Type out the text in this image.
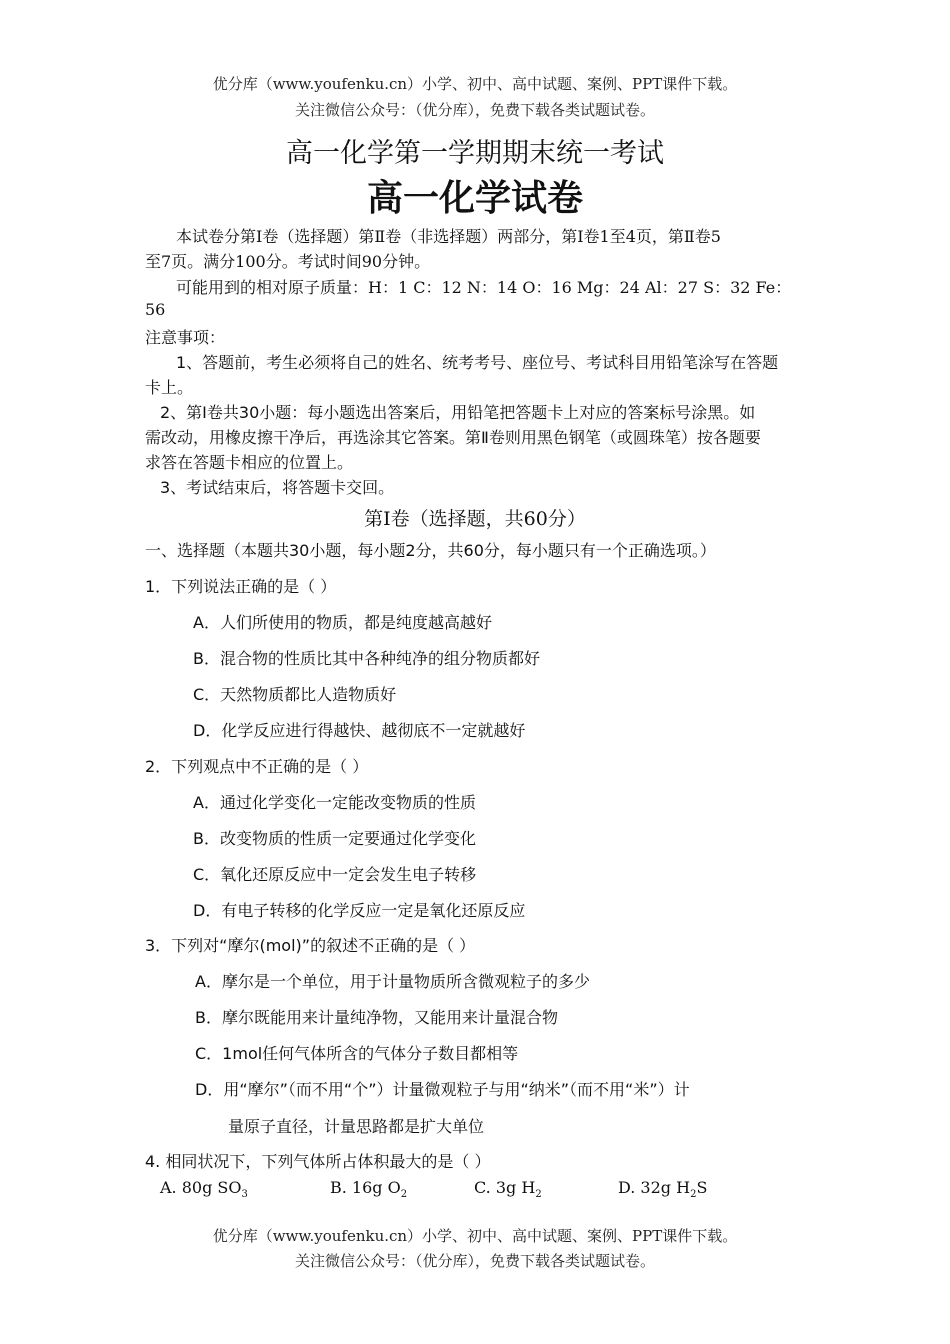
优分库（www.youfenku.cn）小学、初中、高中试题、案例、PPT课件下载。
关注微信公众号：（优分库），免费下载各类试题试卷。
高一化学第一学期期末统一考试
高一化学试卷
本试卷分第Ⅰ卷（选择题）第Ⅱ卷（非选择题）两部分，第Ⅰ卷1至4页，第Ⅱ卷5
至7页。满分100分。考试时间90分钟。
可能用到的相对原子质量：H：1 C：12 N：14 O：16 Mg：24 Al：27 S：32 Fe：
56
注意事项：
1、答题前，考生必须将自己的姓名、统考考号、座位号、考试科目用铅笔涂写在答题
卡上。
2、第Ⅰ卷共30小题：每小题选出答案后，用铅笔把答题卡上对应的答案标号涂黑。如
需改动，用橡皮擦干净后，再选涂其它答案。第Ⅱ卷则用黑色钢笔（或圆珠笔）按各题要
求答在答题卡相应的位置上。
3、考试结束后，将答题卡交回。
第Ⅰ卷（选择题，共60分）
一、选择题（本题共30小题，每小题2分，共60分，每小题只有一个正确选项。）
1．下列说法正确的是（ ）
A．人们所使用的物质，都是纯度越高越好
B．混合物的性质比其中各种纯净的组分物质都好
C．天然物质都比人造物质好
D．化学反应进行得越快、越彻底不一定就越好
2．下列观点中不正确的是（ ）
A．通过化学变化一定能改变物质的性质
B．改变物质的性质一定要通过化学变化
C．氧化还原反应中一定会发生电子转移
D．有电子转移的化学反应一定是氧化还原反应
3．下列对“摩尔(mol)”的叙述不正确的是（ ）
A．摩尔是一个单位，用于计量物质所含微观粒子的多少
B．摩尔既能用来计量纯净物，又能用来计量混合物
C．1mol任何气体所含的气体分子数目都相等
D．用“摩尔”（而不用“个”）计量微观粒子与用“纳米”（而不用“米”）计
量原子直径，计量思路都是扩大单位
4. 相同状况下，下列气体所占体积最大的是（ ）
A. 80g $SO_3$	B. 16g $O_2$	C. 3g $H_2$	D. 32g $H_2S$
优分库（www.youfenku.cn）小学、初中、高中试题、案例、PPT课件下载。
关注微信公众号：（优分库），免费下载各类试题试卷。
